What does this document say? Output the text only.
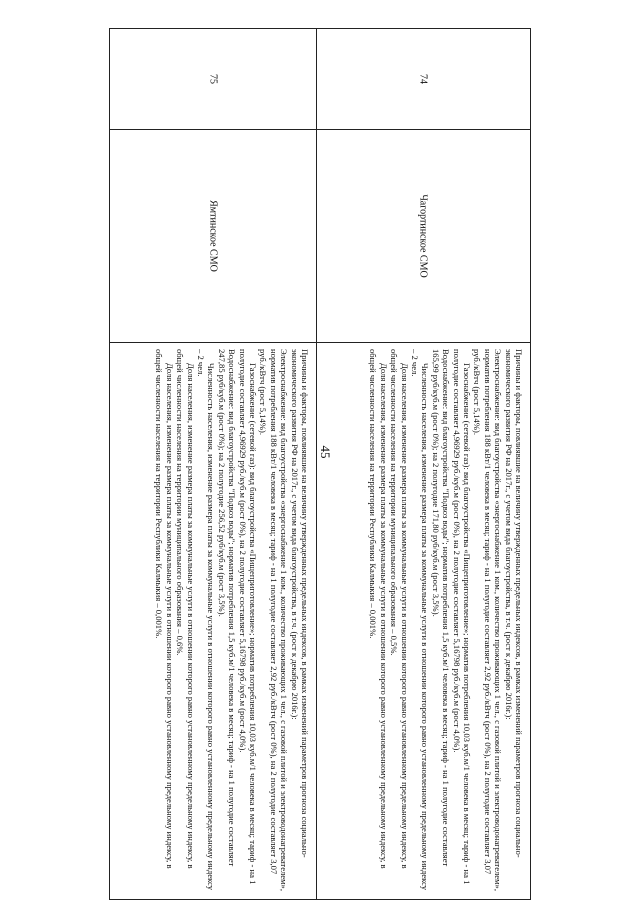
45
74
Чагортинское СМО

Причины и факторы, повлиявшие на величину утвержденных предельных индексов, в рамках изменений параметров прогноза социально-экономического развития РФ на 2017г., с учетом вида благоустройства, в т.ч. (рост к декабрю 2016г.):

Электроснабжение: вид благоустройства «энергоснабжение 1 ком., количество проживающих 1 чел., с газовой плитой и электроводонагревателем», норматив потребления 188 кВт/1 человека в месяц; тариф - на 1 полугодие составляет 2,92 руб./кВтч (рост 0%), на 2 полугодие составляет 3,07 руб./кВтч (рост 5,14%).

Газоснабжение (сетевой газ): вид благоустройства «Пищеприготовление»; норматив потребления 10,03 куб.м/1 человека в месяц; тариф - на 1 полугодие составляет 4,96929 руб./куб.м (рост 0%), на 2 полугодие составляет 5,16798 руб./куб.м (рост 4,0%).

Водоснабжение: вид благоустройства "Подвоз воды"; норматив потребления 1,5 куб.м/1 человека в месяц; тариф - на 1 полугодие составляет 165,99 руб/куб.м (рост 0%); на 2 полугодие 171,80 руб/куб.м (рост 3,5%).

Численность населения, изменение размера платы за коммунальные услуги в отношении которого равно установленному предельному индексу – 2 чел.

Доля населения, изменение размера платы за коммунальные услуги в отношении которого равно установленному предельному индексу, в общей численности населения на территории муниципального образования – 0,5%.

Доля населения, изменение размера платы за коммунальные услуги в отношении которого равно установленному предельному индексу, в общей численности населения на территории Республики Калмыкия – 0,001%.

75
Ямтинское СМО

Причины и факторы, повлиявшие на величину утвержденных предельных индексов, в рамках изменений параметров прогноза социально-экономического развития РФ на 2017г., с учетом вида благоустройства, в т.ч. (рост к декабрю 2016г.):

Электроснабжение: вид благоустройства «энергоснабжение 1 ком., количество проживающих 1 чел., с газовой плитой и электроводонагревателем», норматив потребления 188 кВт/1 человека в месяц; тариф - на 1 полугодие составляет 2,92 руб./кВтч (рост 0%), на 2 полугодие составляет 3,07 руб./кВтч (рост 5,14%).

Газоснабжение (сетевой газ): вид благоустройства «Пищеприготовление»; норматив потребления 10,03 куб.м/1 человека в месяц; тариф - на 1 полугодие составляет 4,96929 руб./куб.м (рост 0%), на 2 полугодие составляет 5,16798 руб./куб.м (рост 4,0%).

Водоснабжение: вид благоустройства "Подвоз воды"; норматив потребления 1,5 куб.м/1 человека в месяц; тариф - на 1 полугодие составляет 247,85 руб/куб.м (рост 0%); на 2 полугодие 256,52 руб/куб.м (рост 3,5%).

Численность населения, изменение размера платы за коммунальные услуги в отношении которого равно установленному предельному индексу – 2 чел.

Доля населения, изменение размера платы за коммунальные услуги в отношении которого равно установленному предельному индексу, в общей численности населения на территории муниципального образования – 0,6%.

Доля населения, изменение размера платы за коммунальные услуги в отношении которого равно установленному предельному индексу, в общей численности населения на территории Республики Калмыкия – 0,001%.
